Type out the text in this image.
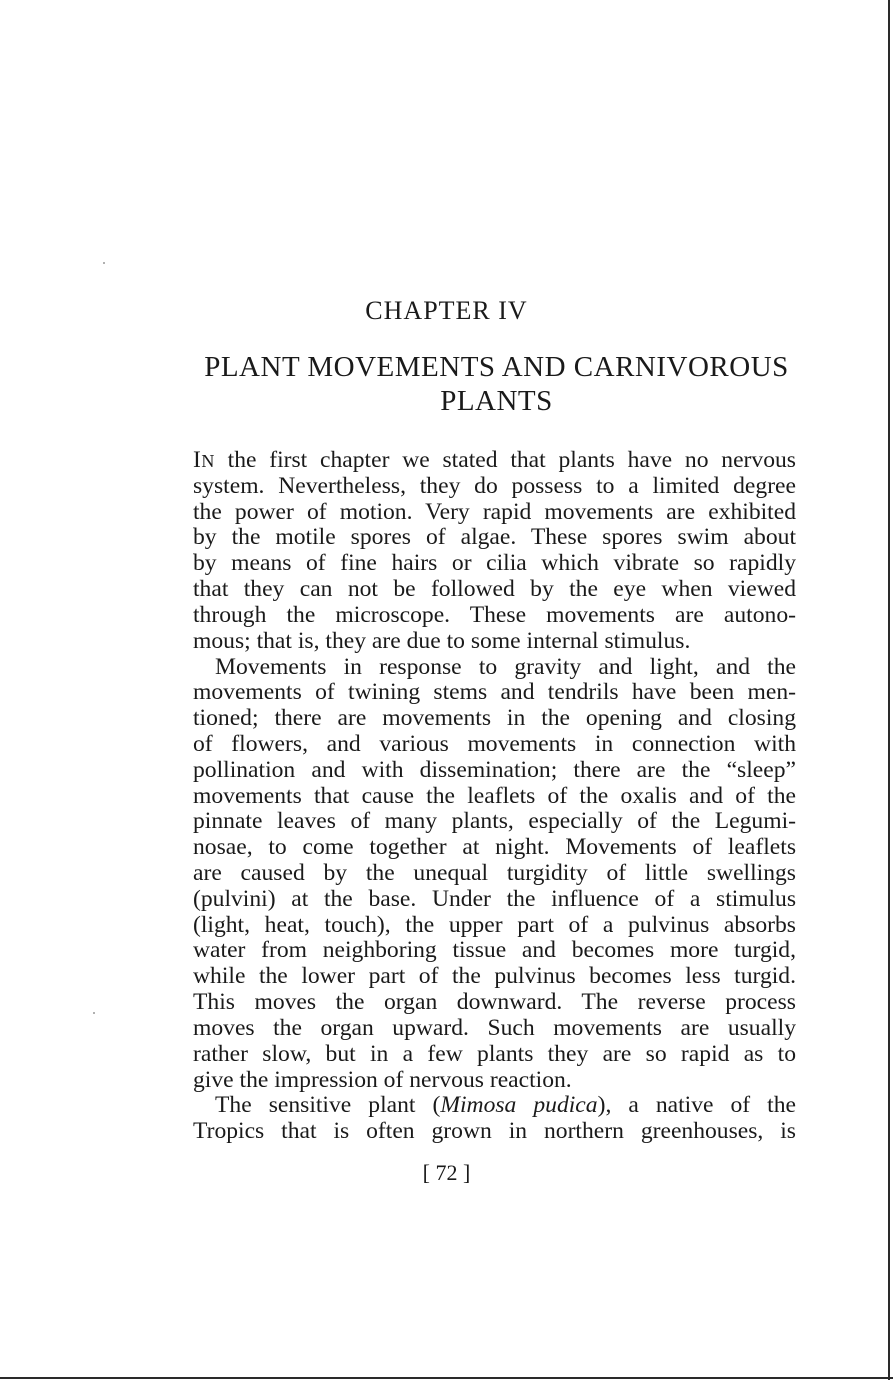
CHAPTER IV
PLANT MOVEMENTS AND CARNIVOROUS
PLANTS
IN the first chapter we stated that plants have no nervous
system. Nevertheless, they do possess to a limited degree
the power of motion. Very rapid movements are exhibited
by the motile spores of algae. These spores swim about
by means of fine hairs or cilia which vibrate so rapidly
that they can not be followed by the eye when viewed
through the microscope. These movements are autono-
mous; that is, they are due to some internal stimulus.
Movements in response to gravity and light, and the
movements of twining stems and tendrils have been men-
tioned; there are movements in the opening and closing
of flowers, and various movements in connection with
pollination and with dissemination; there are the “sleep”
movements that cause the leaflets of the oxalis and of the
pinnate leaves of many plants, especially of the Legumi-
nosae, to come together at night. Movements of leaflets
are caused by the unequal turgidity of little swellings
(pulvini) at the base. Under the influence of a stimulus
(light, heat, touch), the upper part of a pulvinus absorbs
water from neighboring tissue and becomes more turgid,
while the lower part of the pulvinus becomes less turgid.
This moves the organ downward. The reverse process
moves the organ upward. Such movements are usually
rather slow, but in a few plants they are so rapid as to
give the impression of nervous reaction.
The sensitive plant (Mimosa pudica), a native of the
Tropics that is often grown in northern greenhouses, is
[ 72 ]
